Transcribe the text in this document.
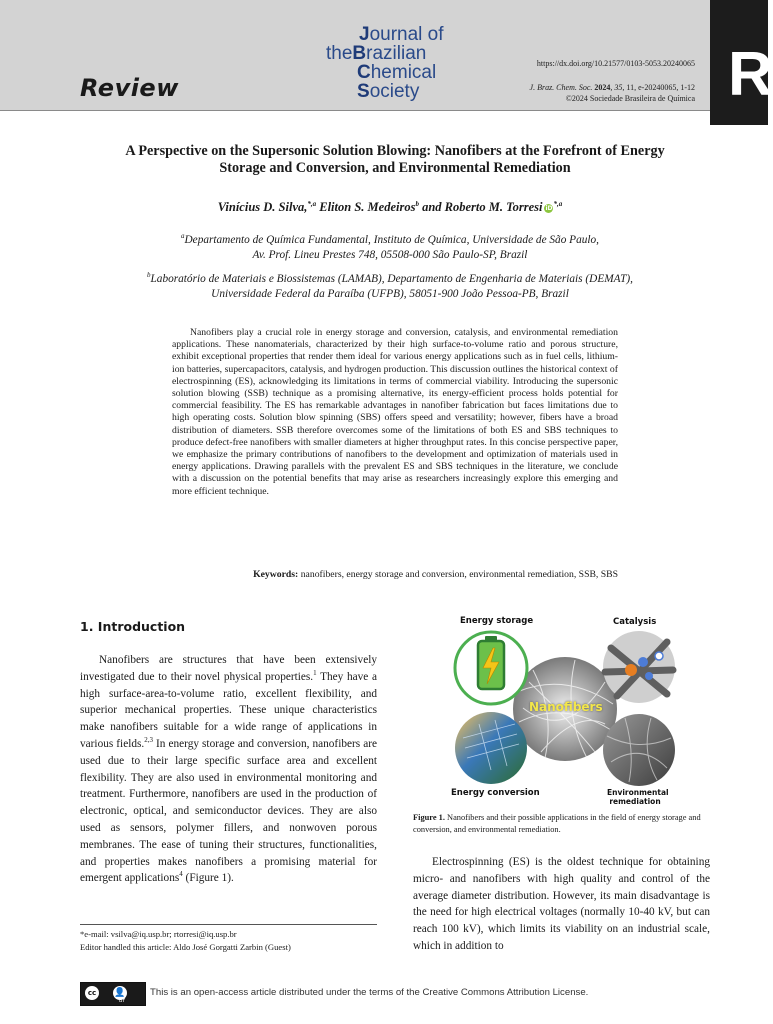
R
Review
Journal of
theBrazilian
Chemical
Society
https://dx.doi.org/10.21577/0103-5053.20240065
J. Braz. Chem. Soc. 2024, 35, 11, e-20240065, 1-12
©2024 Sociedade Brasileira de Química
A Perspective on the Supersonic Solution Blowing: Nanofibers at the Forefront of Energy Storage and Conversion, and Environmental Remediation
Vinícius D. Silva,$^{*,a}$ Eliton S. Medeiros$^b$ and Roberto M. Torresi $iD^{*,a}$
$^a$Departamento de Química Fundamental, Instituto de Química, Universidade de São Paulo,
Av. Prof. Lineu Prestes 748, 05508-000 São Paulo-SP, Brazil
$^b$Laboratório de Materiais e Biossistemas (LAMAB), Departamento de Engenharia de Materiais (DEMAT),
Universidade Federal da Paraíba (UFPB), 58051-900 João Pessoa-PB, Brazil

Nanofibers play a crucial role in energy storage and conversion, catalysis, and environmental remediation applications. These nanomaterials, characterized by their high surface-to-volume ratio and porous structure, exhibit exceptional properties that render them ideal for various energy applications such as in fuel cells, lithium-ion batteries, supercapacitors, catalysis, and hydrogen production. This discussion outlines the historical context of electrospinning (ES), acknowledging its limitations in terms of commercial viability. Introducing the supersonic solution blowing (SSB) technique as a promising alternative, its energy-efficient process holds potential for commercial feasibility. The ES has remarkable advantages in nanofiber fabrication but faces limitations due to high operating costs. Solution blow spinning (SBS) offers speed and versatility; however, fibers have a broad distribution of diameters. SSB therefore overcomes some of the limitations of both ES and SBS techniques to produce defect-free nanofibers with smaller diameters at higher throughput rates. In this concise perspective paper, we emphasize the primary contributions of nanofibers to the development and optimization of materials used in energy applications. Drawing parallels with the prevalent ES and SBS techniques in the literature, we conclude with a discussion on the potential benefits that may arise as researchers increasingly explore this emerging and more efficient technique.

Keywords: nanofibers, energy storage and conversion, environmental remediation, SSB, SBS
1. Introduction

Nanofibers are structures that have been extensively investigated due to their novel physical properties.$^1$ They have a high surface-area-to-volume ratio, excellent flexibility, and superior mechanical properties. These unique characteristics make nanofibers suitable for a wide range of applications in various fields.$^{2,3}$ In energy storage and conversion, nanofibers are used due to their large specific surface area and excellent flexibility. They are also used in environmental monitoring and treatment. Furthermore, nanofibers are used in the production of electronic, optical, and semiconductor devices. They are also used as sensors, polymer fillers, and nonwoven porous membranes. The ease of tuning their structures, functionalities, and properties makes nanofibers a promising material for emergent applications$^4$ (Figure 1).

*e-mail: vsilva@iq.usp.br; rtorresi@iq.usp.br
Editor handled this article: Aldo José Gorgatti Zarbin (Guest)
Energy storage	Catalysis
Nanofibers
Energy conversion	Environmental
remediation
Figure 1. Nanofibers and their possible applications in the field of energy storage and conversion, and environmental remediation.

Electrospinning (ES) is the oldest technique for obtaining micro- and nanofibers with high quality and control of the average diameter distribution. However, its main disadvantage is the need for high electrical voltages (normally 10-40 kV, but can reach 100 kV), which limits its viability on an industrial scale, which in addition to

cc	👤
BY
This is an open-access article distributed under the terms of the Creative Commons Attribution License.
